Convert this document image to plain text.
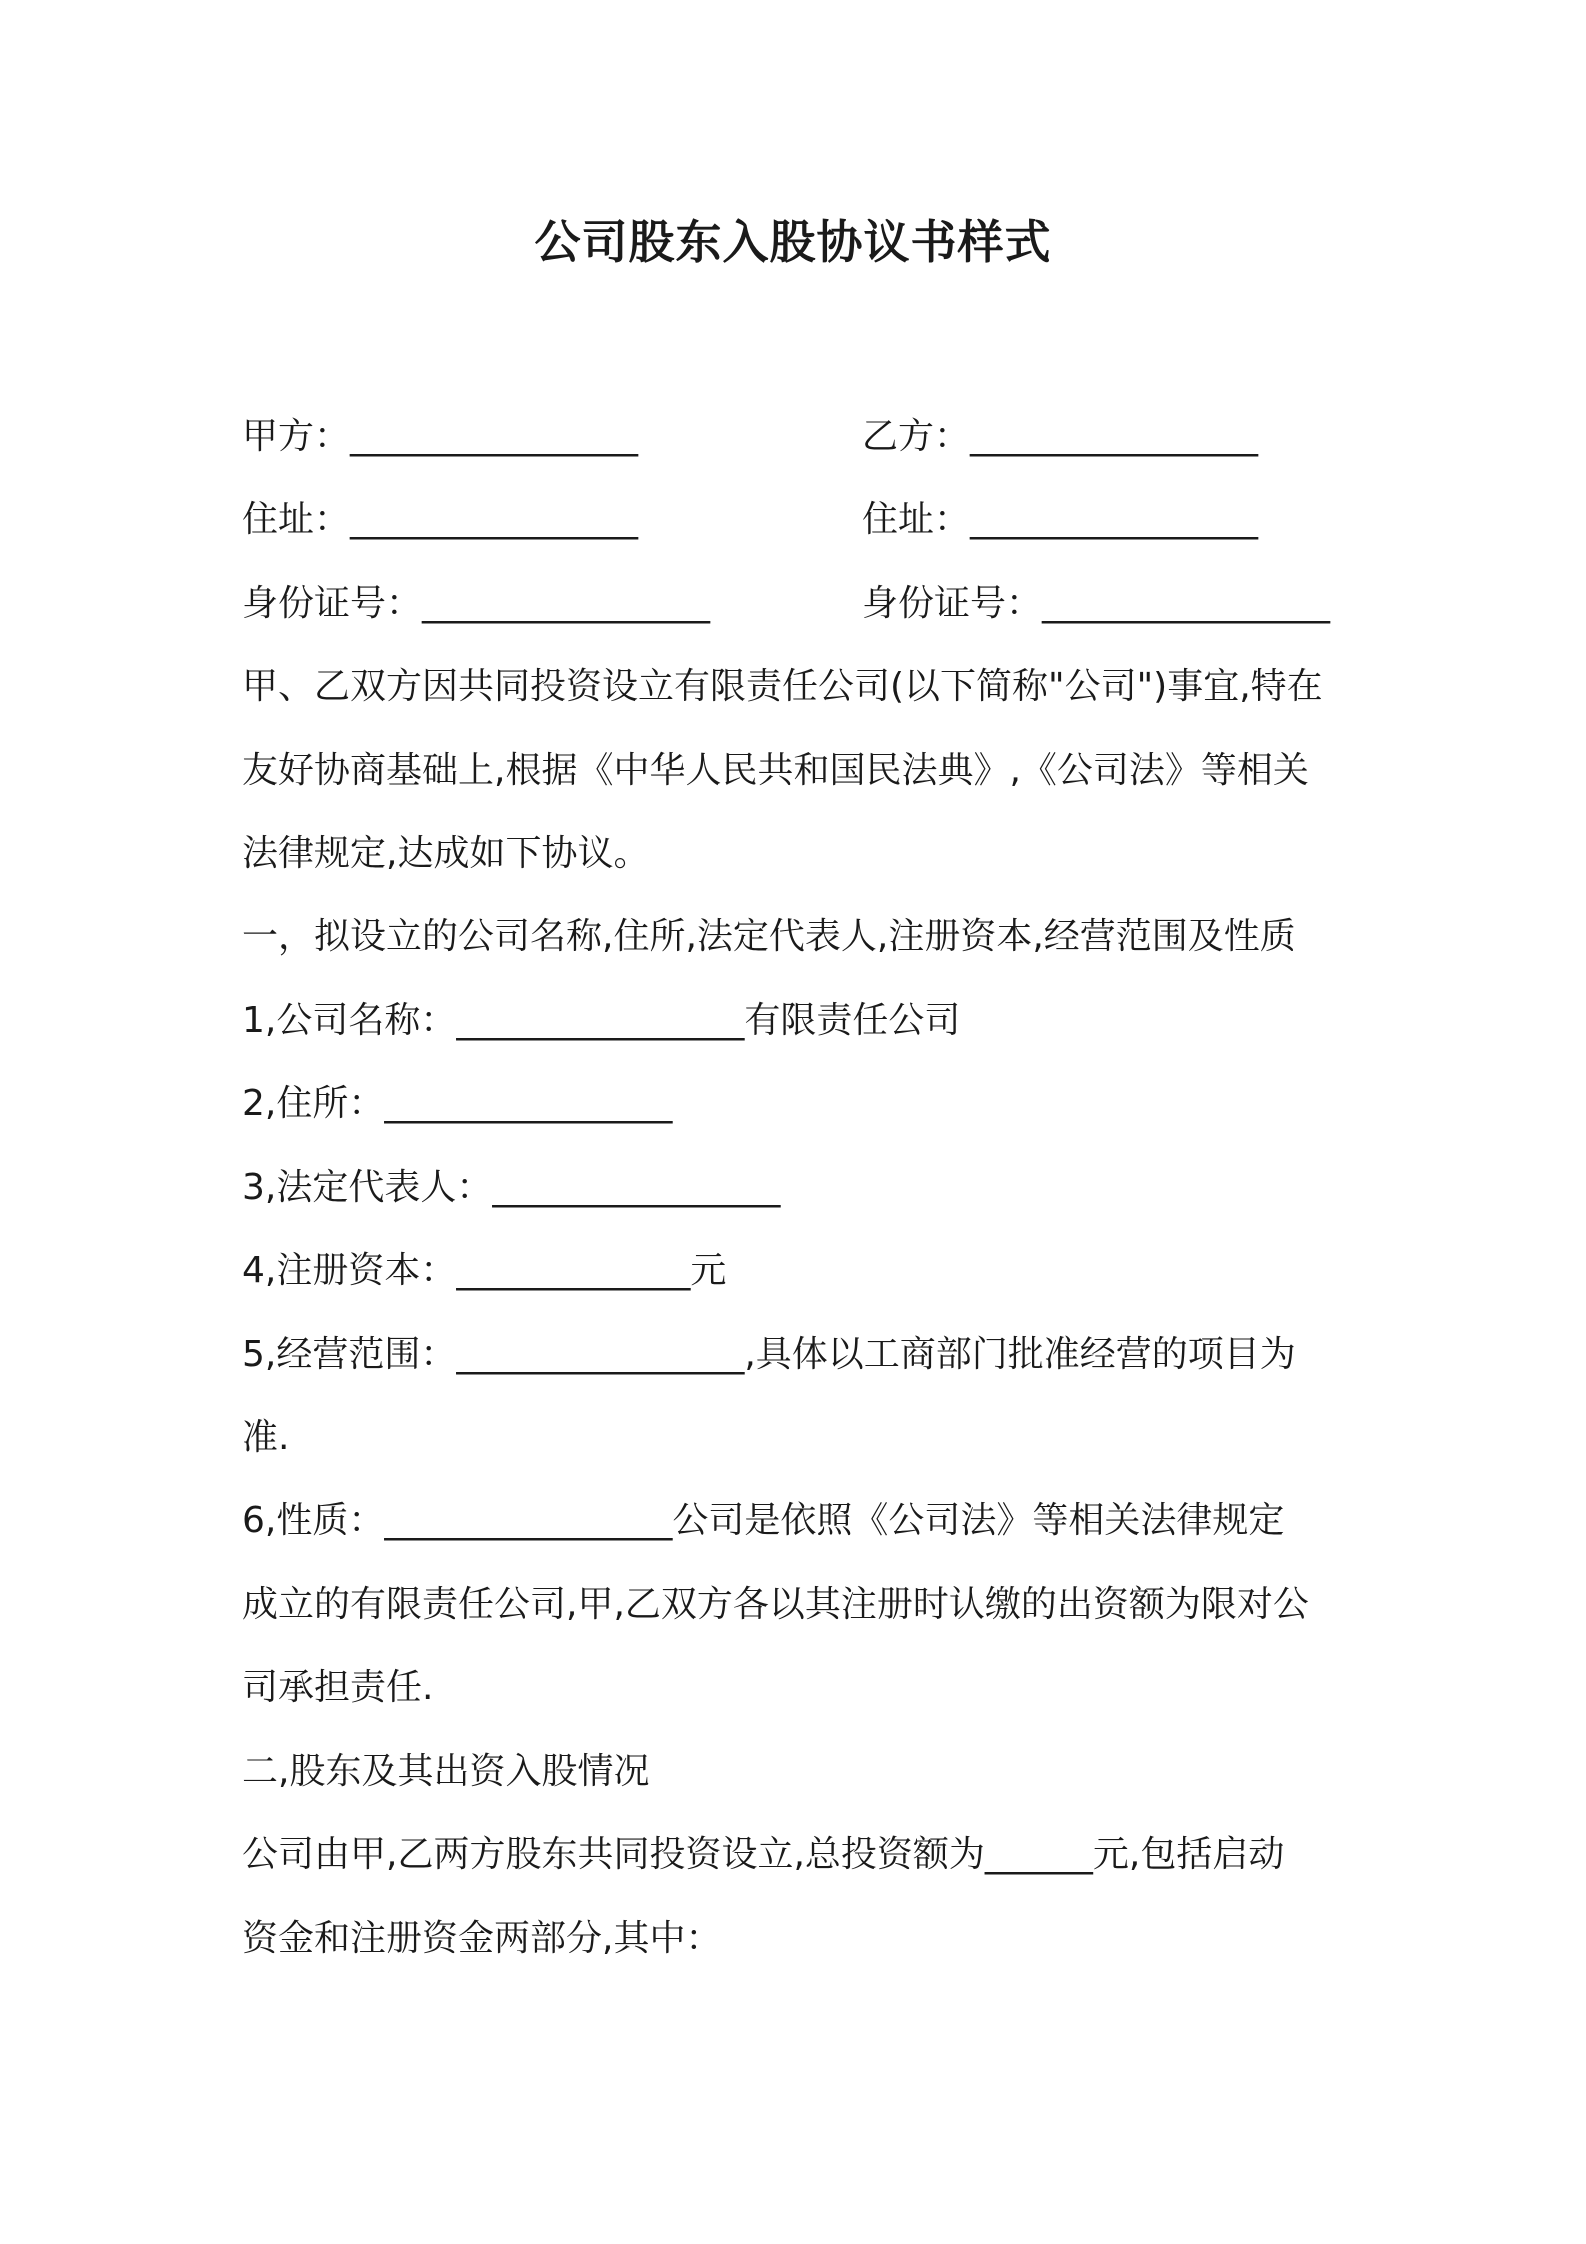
公司股东入股协议书样式
甲方：________________	乙方：________________
住址：________________	住址：________________
身份证号：________________	身份证号：________________
甲、乙双方因共同投资设立有限责任公司(以下简称"公司")事宜,特在
友好协商基础上,根据《中华人民共和国民法典》,《公司法》等相关
法律规定,达成如下协议。
一，拟设立的公司名称,住所,法定代表人,注册资本,经营范围及性质
1,公司名称：________________有限责任公司
2,住所：________________
3,法定代表人：________________
4,注册资本：_____________元
5,经营范围：________________,具体以工商部门批准经营的项目为
准.
6,性质：________________公司是依照《公司法》等相关法律规定
成立的有限责任公司,甲,乙双方各以其注册时认缴的出资额为限对公
司承担责任.
二,股东及其出资入股情况
公司由甲,乙两方股东共同投资设立,总投资额为______元,包括启动
资金和注册资金两部分,其中：
